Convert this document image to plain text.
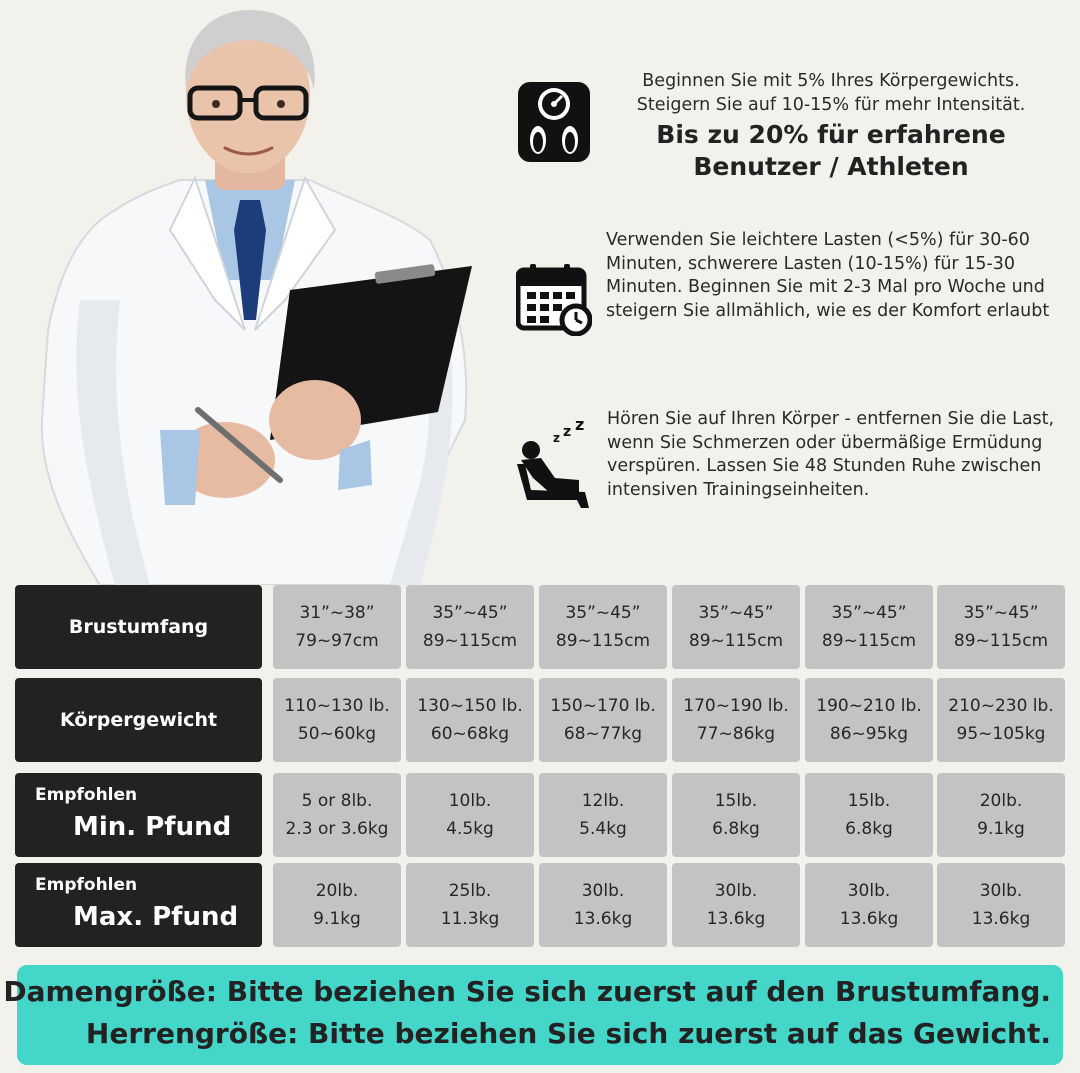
Beginnen Sie mit 5% Ihres Körpergewichts. Steigern Sie auf 10-15% für mehr Intensität.
Bis zu 20% für erfahrene Benutzer / Athleten
Verwenden Sie leichtere Lasten (<5%) für 30-60 Minuten, schwerere Lasten (10-15%) für 15-30 Minuten. Beginnen Sie mit 2-3 Mal pro Woche und steigern Sie allmählich, wie es der Komfort erlaubt
z z z Hören Sie auf Ihren Körper - entfernen Sie die Last, wenn Sie Schmerzen oder übermäßige Ermüdung verspüren. Lassen Sie 48 Stunden Ruhe zwischen intensiven Trainingseinheiten.
Brustumfang
31”~38”
79~97cm
35”~45”
89~115cm
35”~45”
89~115cm
35”~45”
89~115cm
35”~45”
89~115cm
35”~45”
89~115cm
Körpergewicht
110~130 lb.
50~60kg
130~150 lb.
60~68kg
150~170 lb.
68~77kg
170~190 lb.
77~86kg
190~210 lb.
86~95kg
210~230 lb.
95~105kg
Empfohlen
Min. Pfund
5 or 8lb.
2.3 or 3.6kg
10lb.
4.5kg
12lb.
5.4kg
15lb.
6.8kg
15lb.
6.8kg
20lb.
9.1kg
Empfohlen
Max. Pfund
20lb.
9.1kg
25lb.
11.3kg
30lb.
13.6kg
30lb.
13.6kg
30lb.
13.6kg
30lb.
13.6kg
Damengröße: Bitte beziehen Sie sich zuerst auf den Brustumfang.
Herrengröße: Bitte beziehen Sie sich zuerst auf das Gewicht.
